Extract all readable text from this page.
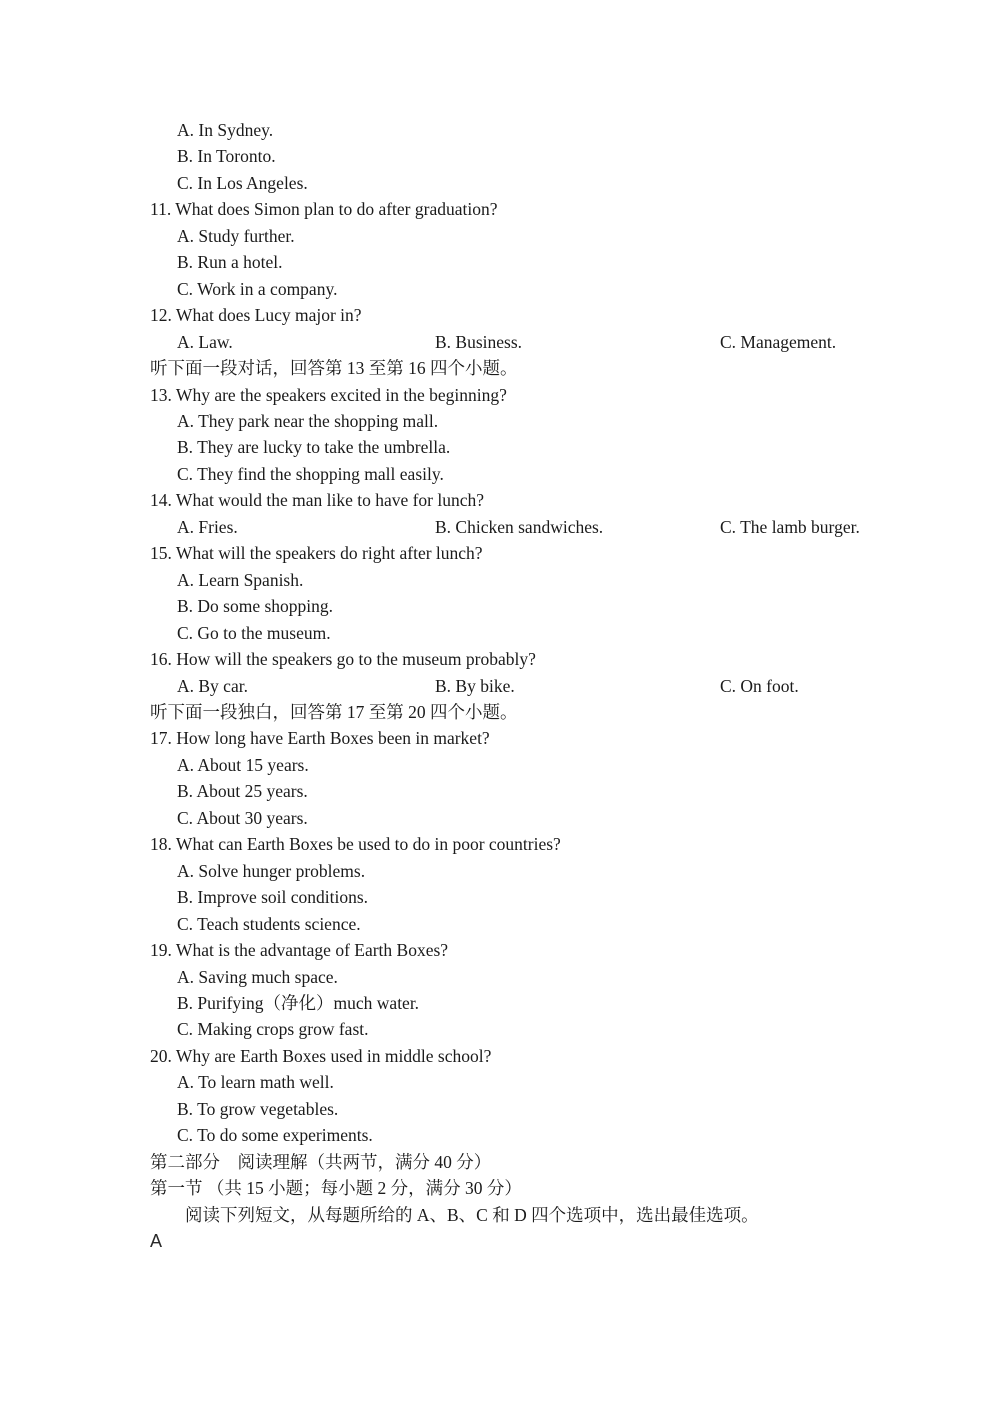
A. In Sydney.
B. In Toronto.
C. In Los Angeles.
11. What does Simon plan to do after graduation?
A. Study further.
B. Run a hotel.
C. Work in a company.
12. What does Lucy major in?
A. Law.	B. Business.	C. Management.
听下面一段对话，回答第 13 至第 16 四个小题。
13. Why are the speakers excited in the beginning?
A. They park near the shopping mall.
B. They are lucky to take the umbrella.
C. They find the shopping mall easily.
14. What would the man like to have for lunch?
A. Fries.	B. Chicken sandwiches.	C. The lamb burger.
15. What will the speakers do right after lunch?
A. Learn Spanish.
B. Do some shopping.
C. Go to the museum.
16. How will the speakers go to the museum probably?
A. By car.	B. By bike.	C. On foot.
听下面一段独白，回答第 17 至第 20 四个小题。
17. How long have Earth Boxes been in market?
A. About 15 years.
B. About 25 years.
C. About 30 years.
18. What can Earth Boxes be used to do in poor countries?
A. Solve hunger problems.
B. Improve soil conditions.
C. Teach students science.
19. What is the advantage of Earth Boxes?
A. Saving much space.
B. Purifying（净化）much water.
C. Making crops grow fast.
20. Why are Earth Boxes used in middle school?
A. To learn math well.
B. To grow vegetables.
C. To do some experiments.
第二部分　阅读理解（共两节，满分 40 分）
第一节 （共 15 小题；每小题 2 分，满分 30 分）
阅读下列短文，从每题所给的 A、B、C 和 D 四个选项中，选出最佳选项。
A
